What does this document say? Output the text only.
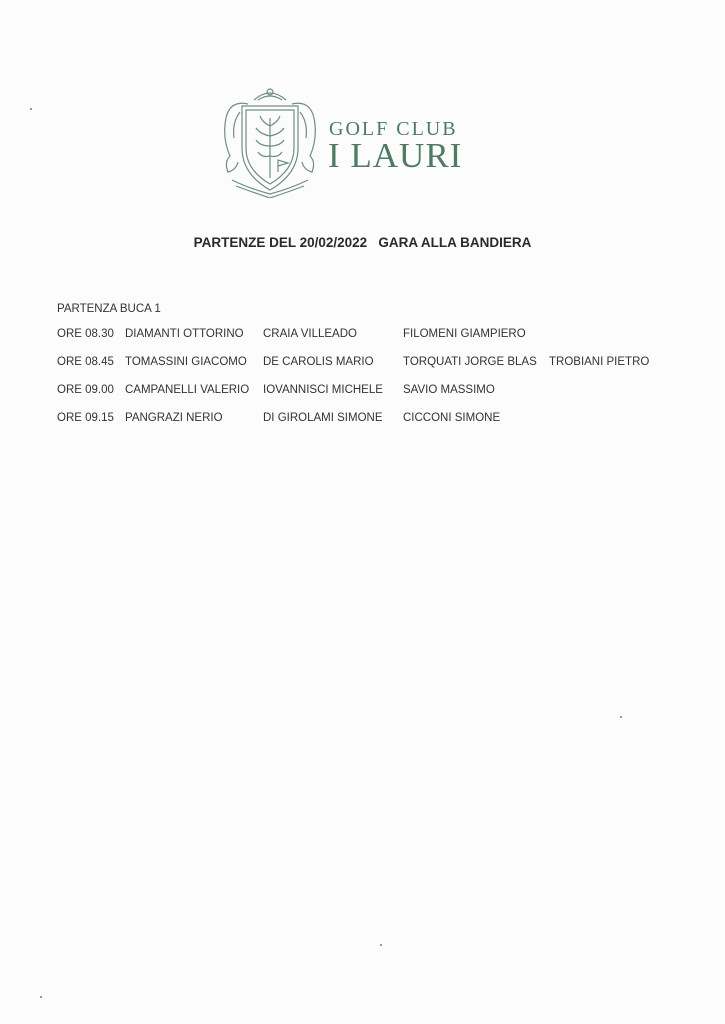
GOLF CLUB
I LAURI
PARTENZE DEL 20/02/2022   GARA ALLA BANDIERA
PARTENZA BUCA 1
ORE 08.30	DIAMANTI OTTORINO	CRAIA VILLEADO	FILOMENI GIAMPIERO	
ORE 08.45	TOMASSINI GIACOMO	DE CAROLIS MARIO	TORQUATI JORGE BLAS	TROBIANI PIETRO
ORE 09.00	CAMPANELLI VALERIO	IOVANNISCI MICHELE	SAVIO MASSIMO	
ORE 09.15	PANGRAZI NERIO	DI GIROLAMI SIMONE	CICCONI SIMONE	
